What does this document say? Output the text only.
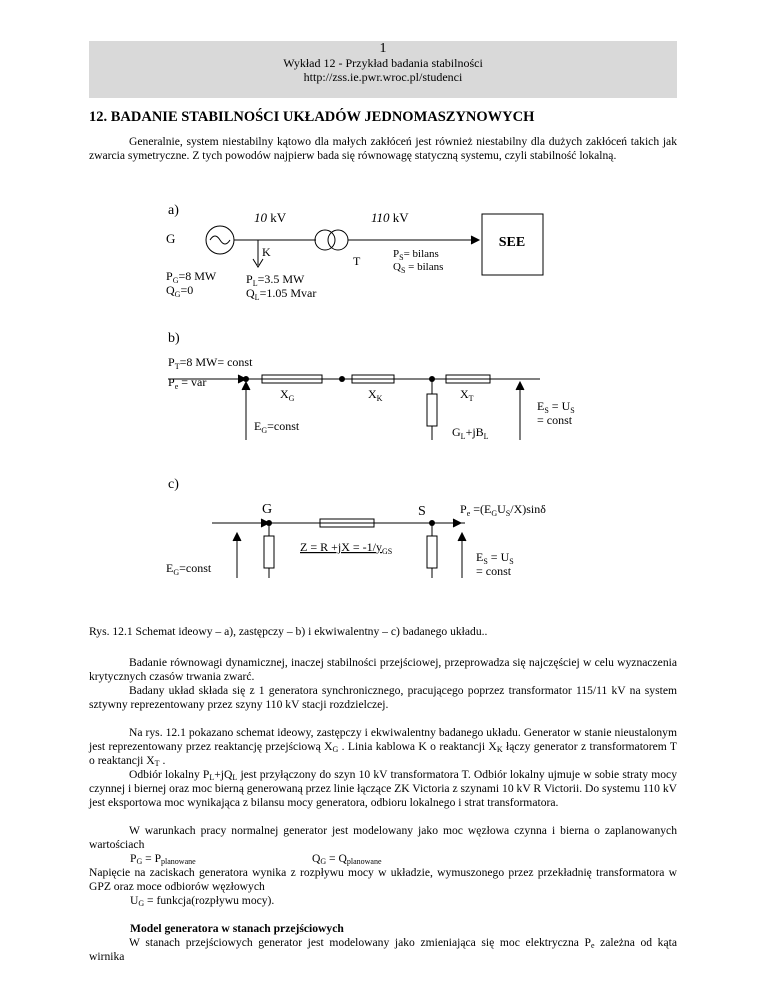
1
Wykład 12 - Przykład badania stabilności
http://zss.ie.pwr.wroc.pl/studenci
12. BADANIE STABILNOŚCI UKŁADÓW JEDNOMASZYNOWYCH

Generalnie, system niestabilny kątowo dla małych zakłóceń jest również niestabilny dla dużych zakłóceń takich jak zwarcia symetryczne. Z tych powodów najpierw bada się równowagę statyczną systemu, czyli stabilność lokalną.

a)	10 kV	110 kV
G
K
T
SEE
$P_S=$ bilans
$Q_S$ = bilans
$P_G=8$ MW
$Q_G=0$
$P_L=3.5$ MW
$Q_L=1.05$ Mvar
b)
$P_T=8$ MW= const
$P_e$ = var
$X_G$	$X_K$	$X_T$
$E_G=const$	$G_L+jB_L$
$E_S = U_S$
= const
c)
G	S	$P_e =(E_GU_S/X)\sin\delta$
$Z = R +jX = -1/y_{GS}$
$E_G=const$
$E_S = U_S$
= const
Rys. 12.1 Schemat ideowy – a), zastępczy – b) i ekwiwalentny – c) badanego układu..

Badanie równowagi dynamicznej, inaczej stabilności przejściowej, przeprowadza się najczęściej w celu wyznaczenia krytycznych czasów trwania zwarć.

Badany układ składa się z 1 generatora synchronicznego, pracującego poprzez transformator 115/11 kV na system sztywny reprezentowany przez szyny 110 kV stacji rozdzielczej.

Na rys. 12.1 pokazano schemat ideowy, zastępczy i ekwiwalentny badanego układu. Generator w stanie nieustalonym jest reprezentowany przez reaktancję przejściową $X_G$ . Linia kablowa K o reaktancji $X_K$ łączy generator z transformatorem T o reaktancji $X_T$ .

Odbiór lokalny $P_L+jQ_L$ jest przyłączony do szyn 10 kV transformatora T. Odbiór lokalny ujmuje w sobie straty mocy czynnej i biernej oraz moc bierną generowaną przez linie łączące ZK Victoria z szynami 10 kV R Victorii. Do systemu 110 kV jest eksportowa moc wynikająca z bilansu mocy generatora, odbioru lokalnego i strat transformatora.

W warunkach pracy normalnej generator jest modelowany jako moc węzłowa czynna i bierna o zaplanowanych wartościach

$P_G = P_{planowane}$	$Q_G = Q_{planowane}$

Napięcie na zaciskach generatora wynika z rozpływu mocy w układzie, wymuszonego przez przekładnię transformatora w GPZ oraz moce odbiorów węzłowych

$U_G$ = funkcja(rozpływu mocy).
Model generatora w stanach przejściowych

W stanach przejściowych generator jest modelowany jako zmieniająca się moc elektryczna $P_e$ zależna od kąta wirnika
